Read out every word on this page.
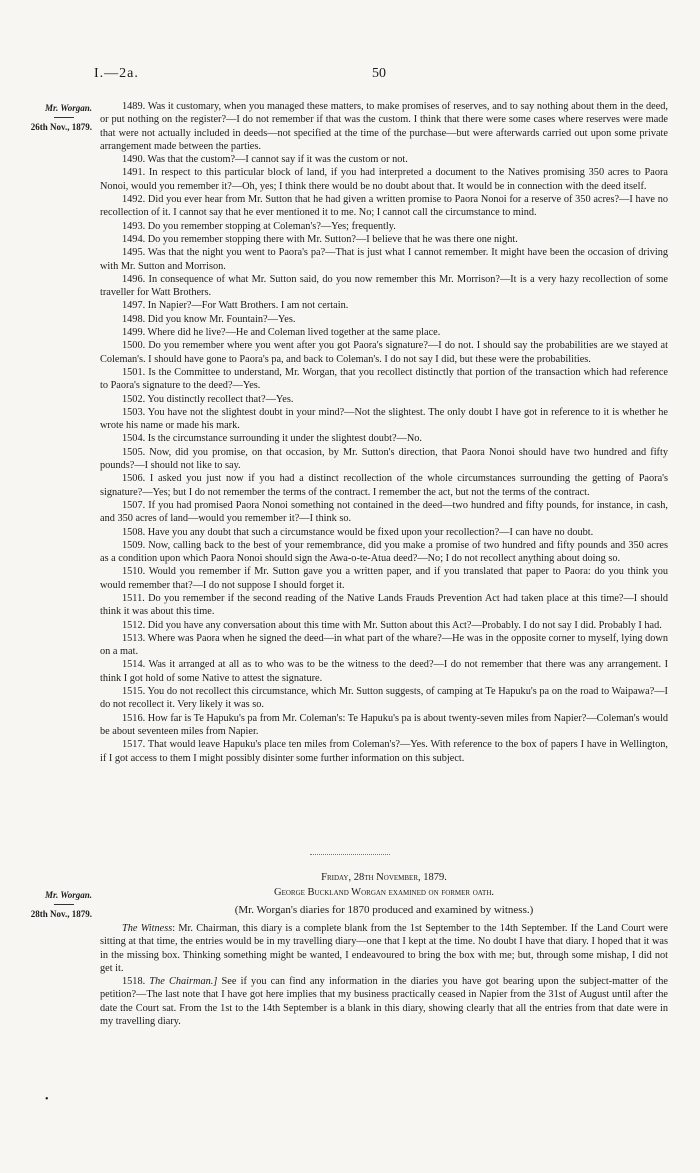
I.—2a.	50
Mr. Worgan.
26th Nov., 1879.

1489. Was it customary, when you managed these matters, to make promises of reserves, and to say nothing about them in the deed, or put nothing on the register?—I do not remember if that was the custom. I think that there were some cases where reserves were made that were not actually included in deeds—not specified at the time of the purchase—but were afterwards carried out upon some private arrangement made between the parties.

1490. Was that the custom?—I cannot say if it was the custom or not.

1491. In respect to this particular block of land, if you had interpreted a document to the Natives promising 350 acres to Paora Nonoi, would you remember it?—Oh, yes; I think there would be no doubt about that. It would be in connection with the deed itself.

1492. Did you ever hear from Mr. Sutton that he had given a written promise to Paora Nonoi for a reserve of 350 acres?—I have no recollection of it. I cannot say that he ever mentioned it to me. No; I cannot call the circumstance to mind.

1493. Do you remember stopping at Coleman's?—Yes; frequently.

1494. Do you remember stopping there with Mr. Sutton?—I believe that he was there one night.

1495. Was that the night you went to Paora's pa?—That is just what I cannot remember. It might have been the occasion of driving with Mr. Sutton and Morrison.

1496. In consequence of what Mr. Sutton said, do you now remember this Mr. Morrison?—It is a very hazy recollection of some traveller for Watt Brothers.

1497. In Napier?—For Watt Brothers. I am not certain.

1498. Did you know Mr. Fountain?—Yes.

1499. Where did he live?—He and Coleman lived together at the same place.

1500. Do you remember where you went after you got Paora's signature?—I do not. I should say the probabilities are we stayed at Coleman's. I should have gone to Paora's pa, and back to Coleman's. I do not say I did, but these were the probabilities.

1501. Is the Committee to understand, Mr. Worgan, that you recollect distinctly that portion of the transaction which had reference to Paora's signature to the deed?—Yes.

1502. You distinctly recollect that?—Yes.

1503. You have not the slightest doubt in your mind?—Not the slightest. The only doubt I have got in reference to it is whether he wrote his name or made his mark.

1504. Is the circumstance surrounding it under the slightest doubt?—No.

1505. Now, did you promise, on that occasion, by Mr. Sutton's direction, that Paora Nonoi should have two hundred and fifty pounds?—I should not like to say.

1506. I asked you just now if you had a distinct recollection of the whole circumstances surrounding the getting of Paora's signature?—Yes; but I do not remember the terms of the contract. I remember the act, but not the terms of the contract.

1507. If you had promised Paora Nonoi something not contained in the deed—two hundred and fifty pounds, for instance, in cash, and 350 acres of land—would you remember it?—I think so.

1508. Have you any doubt that such a circumstance would be fixed upon your recollection?—I can have no doubt.

1509. Now, calling back to the best of your remembrance, did you make a promise of two hundred and fifty pounds and 350 acres as a condition upon which Paora Nonoi should sign the Awa-o-te-Atua deed?—No; I do not recollect anything about doing so.

1510. Would you remember if Mr. Sutton gave you a written paper, and if you translated that paper to Paora: do you think you would remember that?—I do not suppose I should forget it.

1511. Do you remember if the second reading of the Native Lands Frauds Prevention Act had taken place at this time?—I should think it was about this time.

1512. Did you have any conversation about this time with Mr. Sutton about this Act?—Probably. I do not say I did. Probably I had.

1513. Where was Paora when he signed the deed—in what part of the whare?—He was in the opposite corner to myself, lying down on a mat.

1514. Was it arranged at all as to who was to be the witness to the deed?—I do not remember that there was any arrangement. I think I got hold of some Native to attest the signature.

1515. You do not recollect this circumstance, which Mr. Sutton suggests, of camping at Te Hapuku's pa on the road to Waipawa?—I do not recollect it. Very likely it was so.

1516. How far is Te Hapuku's pa from Mr. Coleman's: Te Hapuku's pa is about twenty-seven miles from Napier?—Coleman's would be about seventeen miles from Napier.

1517. That would leave Hapuku's place ten miles from Coleman's?—Yes. With reference to the box of papers I have in Wellington, if I got access to them I might possibly disinter some further information on this subject.

Friday, 28th November, 1879.
George Buckland Worgan examined on former oath.
(Mr. Worgan's diaries for 1870 produced and examined by witness.)
Mr. Worgan.
28th Nov., 1879.

The Witness: Mr. Chairman, this diary is a complete blank from the 1st September to the 14th September. If the Land Court were sitting at that time, the entries would be in my travelling diary—one that I kept at the time. No doubt I have that diary. I hoped that it was in the missing box. Thinking something might be wanted, I endeavoured to bring the box with me; but, through some mishap, I did not get it.

1518. The Chairman.] See if you can find any information in the diaries you have got bearing upon the subject-matter of the petition?—The last note that I have got here implies that my business practically ceased in Napier from the 31st of August until after the date the Court sat. From the 1st to the 14th September is a blank in this diary, showing clearly that all the entries from that date were in my travelling diary.

•
